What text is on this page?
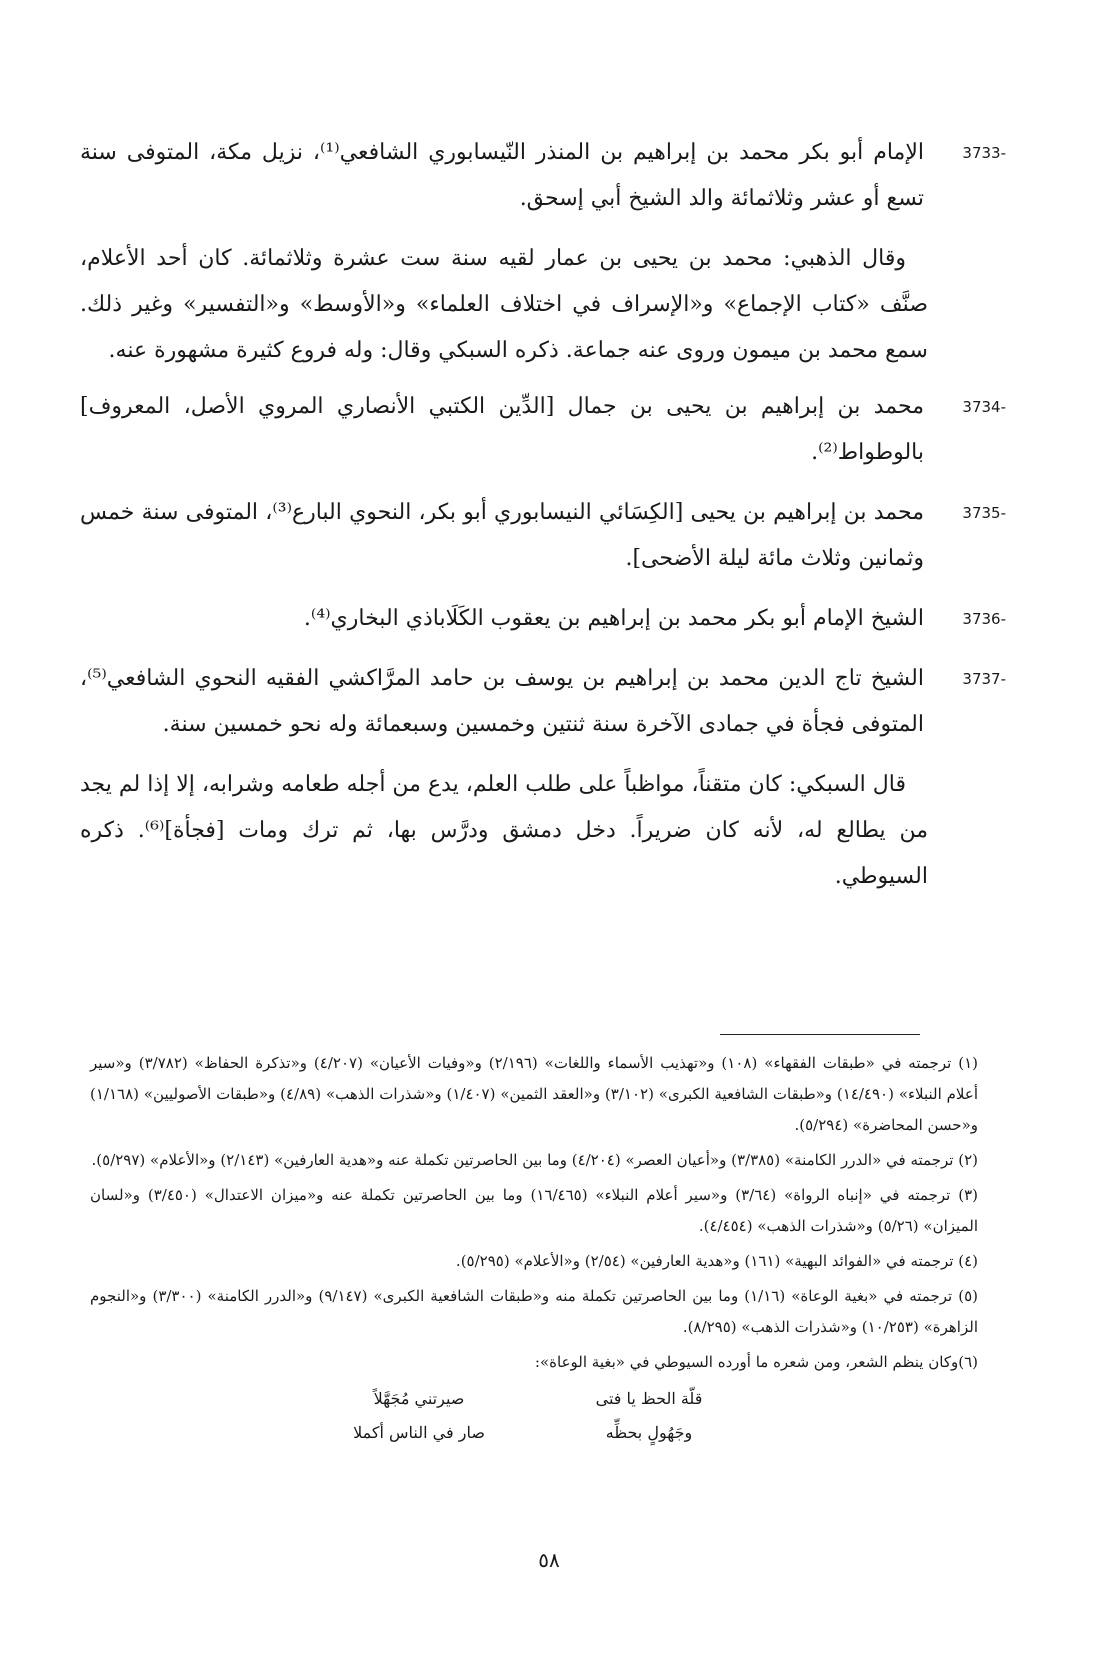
3733-
الإمام أبو بكر محمد بن إبراهيم بن المنذر النّيسابوري الشافعي⁽¹⁾، نزيل مكة، المتوفى سنة تسع أو عشر وثلاثمائة والد الشيخ أبي إسحق.

وقال الذهبي: محمد بن يحيى بن عمار لقيه سنة ست عشرة وثلاثمائة. كان أحد الأعلام، صنَّف «كتاب الإجماع» و«الإسراف في اختلاف العلماء» و«الأوسط» و«التفسير» وغير ذلك. سمع محمد بن ميمون وروى عنه جماعة. ذكره السبكي وقال: وله فروع كثيرة مشهورة عنه.

3734-
محمد بن إبراهيم بن يحيى بن جمال [الدِّين الكتبي الأنصاري المروي الأصل، المعروف] بالوطواط⁽²⁾.
3735-
محمد بن إبراهيم بن يحيى [الكِسَائي النيسابوري أبو بكر، النحوي البارع⁽³⁾، المتوفى سنة خمس وثمانين وثلاث مائة ليلة الأضحى].
3736-
الشيخ الإمام أبو بكر محمد بن إبراهيم بن يعقوب الكَلَاباذي البخاري⁽⁴⁾.
3737-
الشيخ تاج الدين محمد بن إبراهيم بن يوسف بن حامد المرَّاكشي الفقيه النحوي الشافعي⁽⁵⁾، المتوفى فجأة في جمادى الآخرة سنة ثنتين وخمسين وسبعمائة وله نحو خمسين سنة.

قال السبكي: كان متقناً، مواظباً على طلب العلم، يدع من أجله طعامه وشرابه، إلا إذا لم يجد من يطالع له، لأنه كان ضريراً. دخل دمشق ودرَّس بها، ثم ترك ومات [فجأة]⁽⁶⁾. ذكره السيوطي.

(١) ترجمته في «طبقات الفقهاء» (١٠٨) و«تهذيب الأسماء واللغات» (٢/١٩٦) و«وفيات الأعيان» (٤/٢٠٧) و«تذكرة الحفاظ» (٣/٧٨٢) و«سير أعلام النبلاء» (١٤/٤٩٠) و«طبقات الشافعية الكبرى» (٣/١٠٢) و«العقد الثمين» (١/٤٠٧) و«شذرات الذهب» (٤/٨٩) و«طبقات الأصوليين» (١/١٦٨) و«حسن المحاضرة» (٥/٢٩٤).
(٢) ترجمته في «الدرر الكامنة» (٣/٣٨٥) و«أعيان العصر» (٤/٢٠٤) وما بين الحاصرتين تكملة عنه و«هدية العارفين» (٢/١٤٣) و«الأعلام» (٥/٢٩٧).
(٣) ترجمته في «إنباه الرواة» (٣/٦٤) و«سير أعلام النبلاء» (١٦/٤٦٥) وما بين الحاصرتين تكملة عنه و«ميزان الاعتدال» (٣/٤٥٠) و«لسان الميزان» (٥/٢٦) و«شذرات الذهب» (٤/٤٥٤).
(٤) ترجمته في «الفوائد البهية» (١٦١) و«هدية العارفين» (٢/٥٤) و«الأعلام» (٥/٢٩٥).
(٥) ترجمته في «بغية الوعاة» (١/١٦) وما بين الحاصرتين تكملة منه و«طبقات الشافعية الكبرى» (٩/١٤٧) و«الدرر الكامنة» (٣/٣٠٠) و«النجوم الزاهرة» (١٠/٢٥٣) و«شذرات الذهب» (٨/٢٩٥).
(٦)وكان ينظم الشعر، ومن شعره ما أورده السيوطي في «بغية الوعاة»:
قلّة الحظ يا فتى
صيرتني مُجَهَّلاً
وجَهُولٍ بحظِّه
صار في الناس أكملا
٥٨
